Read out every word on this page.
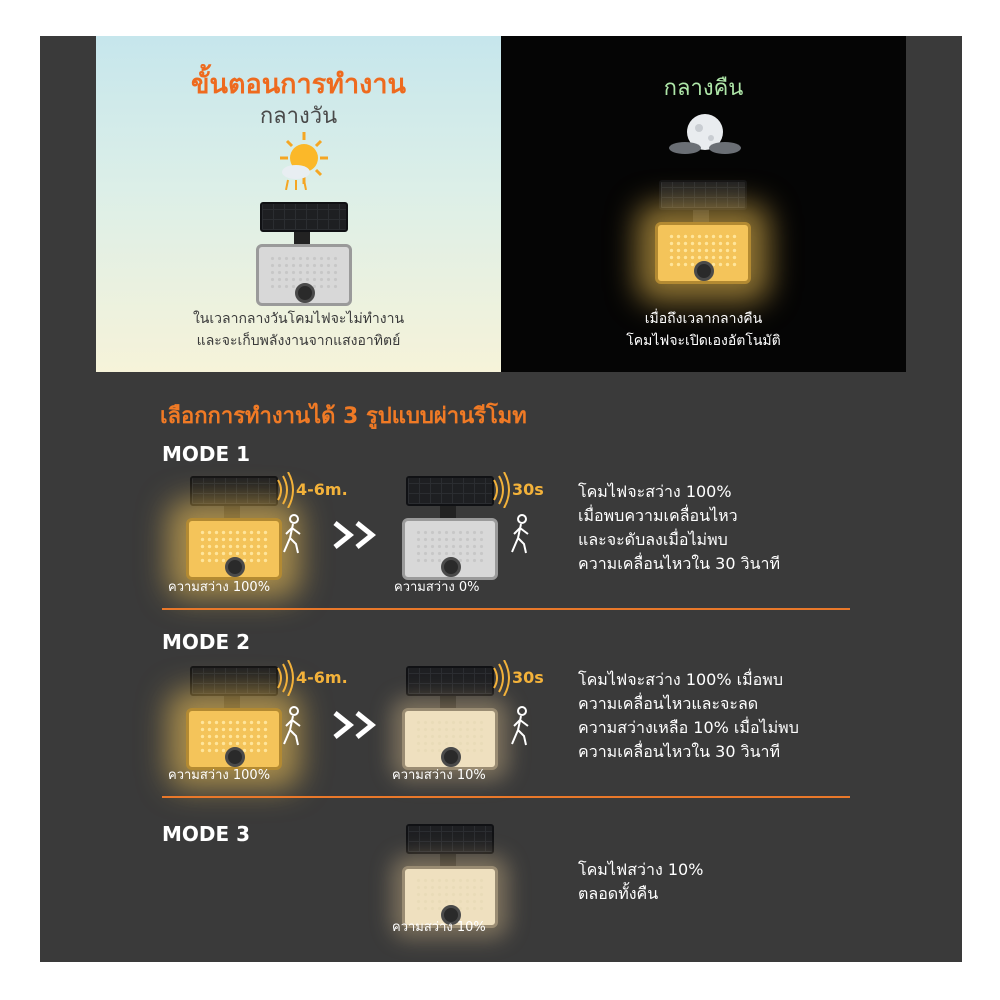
ขั้นตอนการทำงาน
กลางวัน
ในเวลากลางวันโคมไฟจะไม่ทำงาน
และจะเก็บพลังงานจากแสงอาทิตย์
กลางคืน
เมื่อถึงเวลากลางคืน
โคมไฟจะเปิดเองอัตโนมัติ
เลือกการทำงานได้ 3 รูปแบบผ่านรีโมท
MODE 1
4-6m.
ความสว่าง 100%
30s
ความสว่าง 0%
โคมไฟจะสว่าง 100%
เมื่อพบความเคลื่อนไหว
และจะดับลงเมื่อไม่พบ
ความเคลื่อนไหวใน 30 วินาที
MODE 2
4-6m.
ความสว่าง 100%
30s
ความสว่าง 10%
โคมไฟจะสว่าง 100% เมื่อพบ
ความเคลื่อนไหวและจะลด
ความสว่างเหลือ 10% เมื่อไม่พบ
ความเคลื่อนไหวใน 30 วินาที
MODE 3
ความสว่าง 10%
โคมไฟสว่าง 10%
ตลอดทั้งคืน
